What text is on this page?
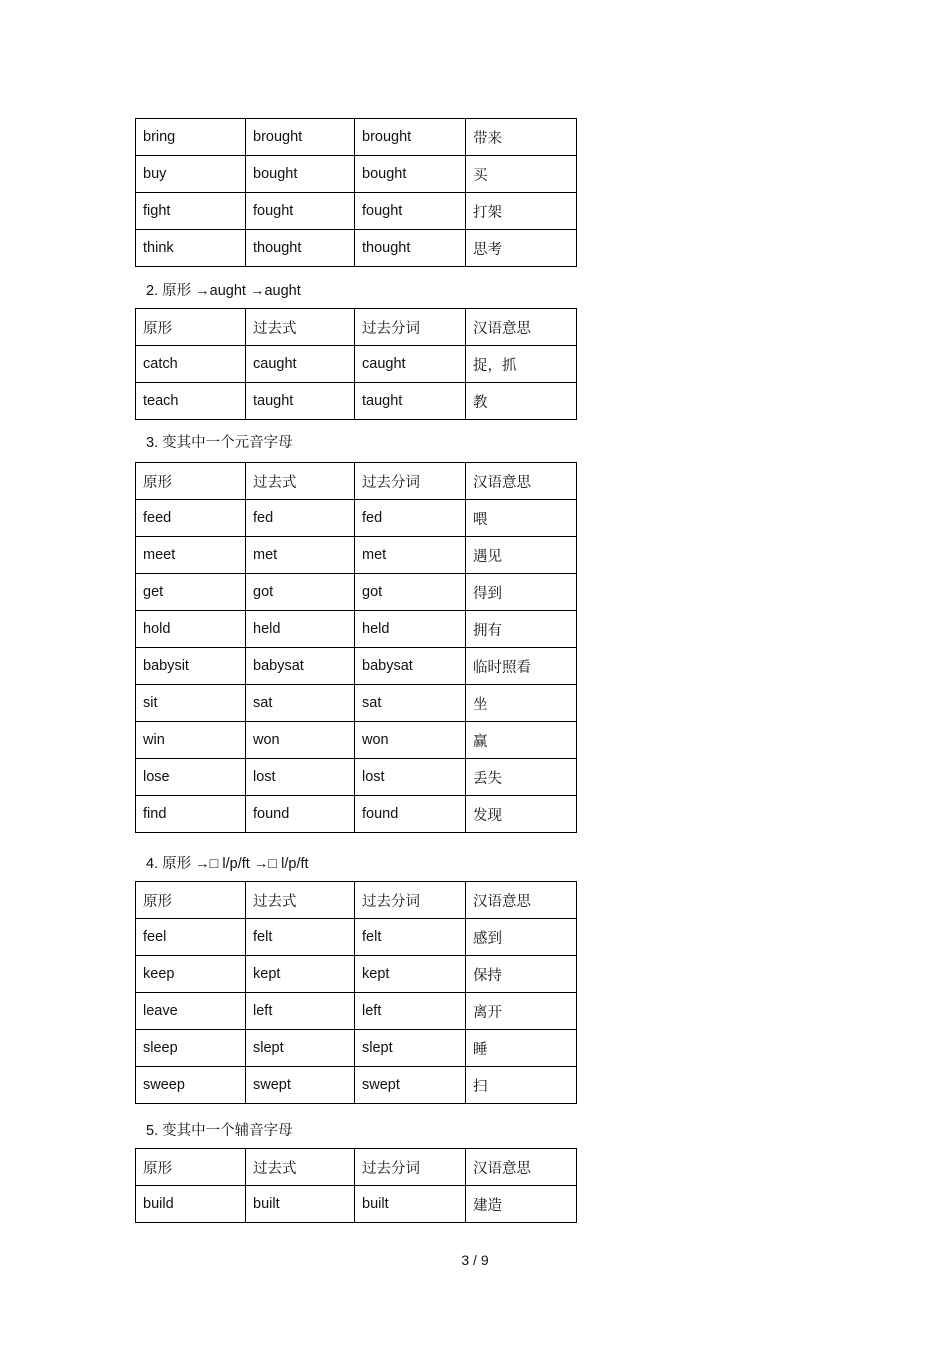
bring	brought	brought	带来
buy	bought	bought	买
fight	fought	fought	打架
think	thought	thought	思考
2. 原形 →aught →aught
原形	过去式	过去分词	汉语意思
catch	caught	caught	捉，抓
teach	taught	taught	教
3. 变其中一个元音字母
原形	过去式	过去分词	汉语意思
feed	fed	fed	喂
meet	met	met	遇见
get	got	got	得到
hold	held	held	拥有
babysit	babysat	babysat	临时照看
sit	sat	sat	坐
win	won	won	赢
lose	lost	lost	丢失
find	found	found	发现
4. 原形 →□ l/p/ft →□ l/p/ft
原形	过去式	过去分词	汉语意思
feel	felt	felt	感到
keep	kept	kept	保持
leave	left	left	离开
sleep	slept	slept	睡
sweep	swept	swept	扫
5. 变其中一个辅音字母
原形	过去式	过去分词	汉语意思
build	built	built	建造
3 / 9
